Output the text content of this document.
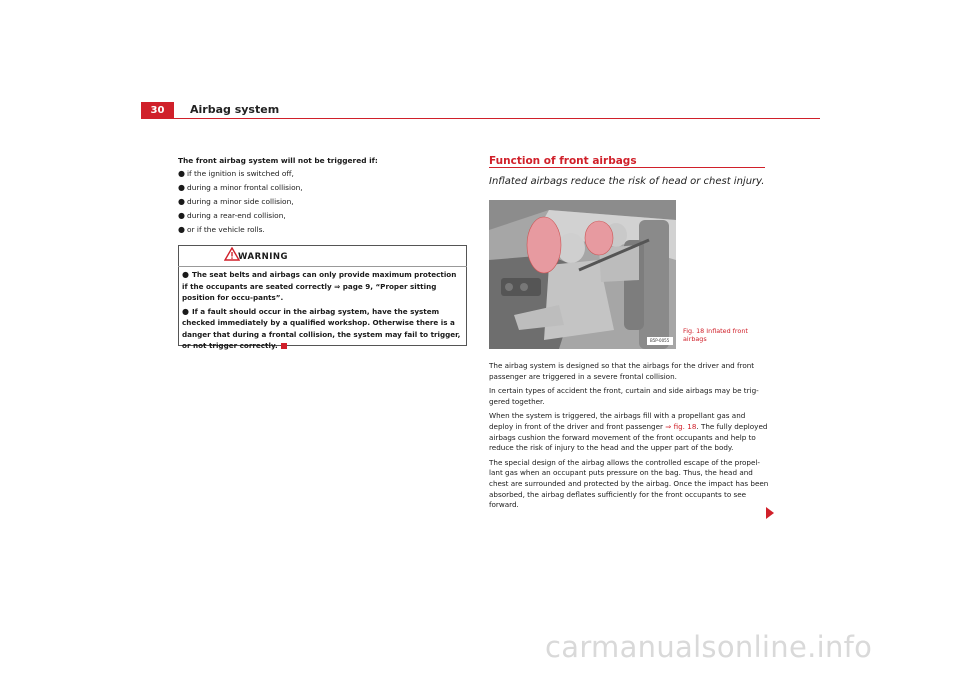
30	Airbag system
The front airbag system will not be triggered if:
● if the ignition is switched off,
● during a minor frontal collision,
● during a minor side collision,
● during a rear-end collision,
● or if the vehicle rolls.
WARNING
● The seat belts and airbags can only provide maximum protection if the occupants are seated correctly ⇒ page 9, “Proper sitting position for occu-pants”.
● If a fault should occur in the airbag system, have the system checked immediately by a qualified workshop. Otherwise there is a danger that during a frontal collision, the system may fail to trigger, or not trigger correctly.
Function of front airbags
Inflated airbags reduce the risk of head or chest injury.
B5P-0055
Fig. 18 Inflated front airbags

The airbag system is designed so that the airbags for the driver and front passenger are triggered in a severe frontal collision.

In certain types of accident the front, curtain and side airbags may be trig-gered together.

When the system is triggered, the airbags fill with a propellant gas and deploy in front of the driver and front passenger ⇒ fig. 18. The fully deployed airbags cushion the forward movement of the front occupants and help to reduce the risk of injury to the head and the upper part of the body.

The special design of the airbag allows the controlled escape of the propel-lant gas when an occupant puts pressure on the bag. Thus, the head and chest are surrounded and protected by the airbag. Once the impact has been absorbed, the airbag deflates sufficiently for the front occupants to see forward.

carmanualsonline.info
